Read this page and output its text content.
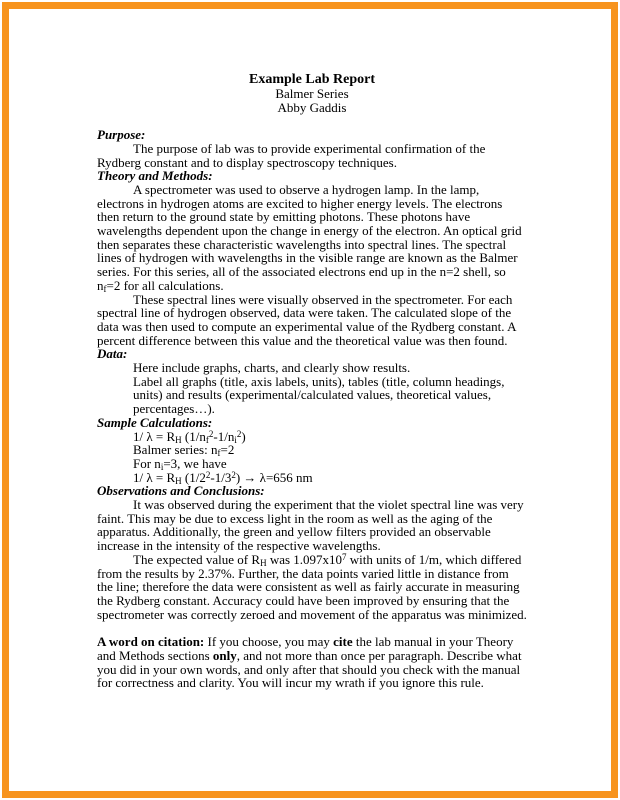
Example Lab Report
Balmer Series
Abby Gaddis
Purpose:

The purpose of lab was to provide experimental confirmation of the Rydberg constant and to display spectroscopy techniques.

Theory and Methods:

A spectrometer was used to observe a hydrogen lamp. In the lamp, electrons in hydrogen atoms are excited to higher energy levels. The electrons then return to the ground state by emitting photons. These photons have wavelengths dependent upon the change in energy of the electron. An optical grid then separates these characteristic wavelengths into spectral lines. The spectral lines of hydrogen with wavelengths in the visible range are known as the Balmer series. For this series, all of the associated electrons end up in the n=2 shell, so nf=2 for all calculations.

These spectral lines were visually observed in the spectrometer. For each spectral line of hydrogen observed, data were taken. The calculated slope of the data was then used to compute an experimental value of the Rydberg constant. A percent difference between this value and the theoretical value was then found.

Data:
Here include graphs, charts, and clearly show results.
Label all graphs (title, axis labels, units), tables (title, column headings, units) and results (experimental/calculated values, theoretical values, percentages…).
Sample Calculations:
1/ λ = RH $(1/nf^2-1/ni^2)$
Balmer series: nf=2
For ni=3, we have
1/ λ = RH $(1/2^2-1/3^2) \to \lambda=656$ nm
Observations and Conclusions:

It was observed during the experiment that the violet spectral line was very faint. This may be due to excess light in the room as well as the aging of the apparatus. Additionally, the green and yellow filters provided an observable increase in the intensity of the respective wavelengths.

The expected value of RH was $1.097x10^7$ with units of 1/m, which differed from the results by 2.37%. Further, the data points varied little in distance from the line; therefore the data were consistent as well as fairly accurate in measuring the Rydberg constant. Accuracy could have been improved by ensuring that the spectrometer was correctly zeroed and movement of the apparatus was minimized.

A word on citation: If you choose, you may cite the lab manual in your Theory and Methods sections only, and not more than once per paragraph. Describe what you did in your own words, and only after that should you check with the manual for correctness and clarity. You will incur my wrath if you ignore this rule.
